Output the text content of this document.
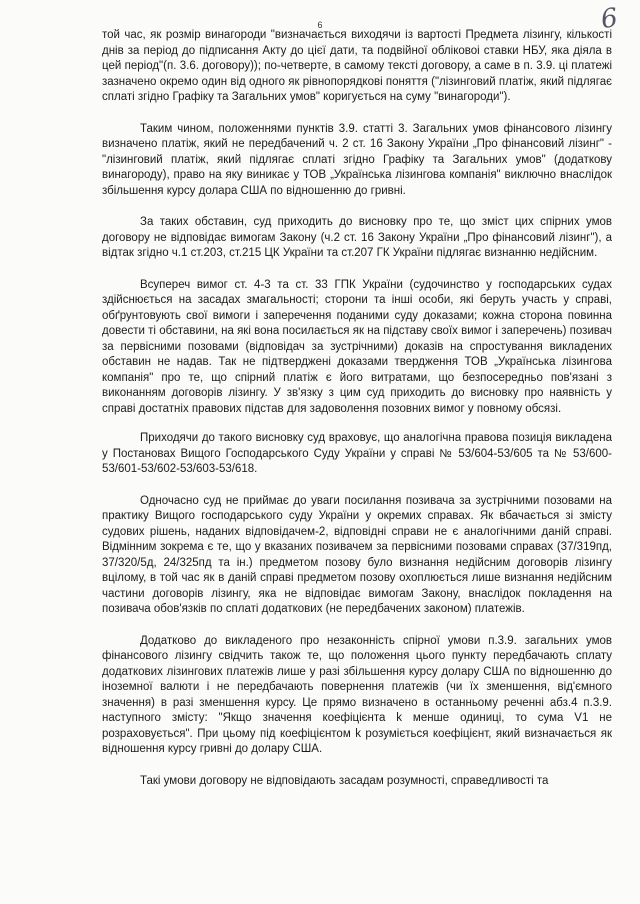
6	6

той час, як розмір винагороди "визначається виходячи із вартості Предмета лізингу, кількості днів за період до підписання Акту до цієї дати, та подвійної обліковоі ставки НБУ, яка діяла в цей період"(п. 3.6. договору)); по-четверте, в самому тексті договору, а саме в п. 3.9. ці платежі зазначено окремо один від одного як рівнопорядкові поняття ("лізинговий платіж, який підлягає сплаті згідно Графіку та Загальних умов" коригується на суму "винагороди").

Таким чином, положеннями пунктів 3.9. статті 3. Загальних умов фінансового лізингу визначено платіж, який не передбачений ч. 2 ст. 16 Закону України „Про фінансовий лізинг" - "лізинговий платіж, який підлягає сплаті згідно Графіку та Загальних умов" (додаткову винагороду), право на яку виникає у ТОВ „Українська лізингова компанія" виключно внаслідок збільшення курсу долара США по відношенню до гривні.

За таких обставин, суд приходить до висновку про те, що зміст цих спірних умов договору не відповідає вимогам Закону (ч.2 ст. 16 Закону України „Про фінансовий лізинг"), а відтак згідно ч.1 ст.203, ст.215 ЦК України та ст.207 ГК України підлягає визнанню недійсним.

Всупереч вимог ст. 4-3 та ст. 33 ГПК України (судочинство у господарських судах здійснюється на засадах змагальності; сторони та інші особи, які беруть участь у справі, обґрунтовують свої вимоги і заперечення поданими суду доказами; кожна сторона повинна довести ті обставини, на які вона посилається як на підставу своїх вимог і заперечень) позивач за первісними позовами (відповідач за зустрічними) доказів на спростування викладених обставин не надав. Так не підтверджені доказами твердження ТОВ „Українська лізингова компанія" про те, що спірний платіж є його витратами, що безпосередньо пов'язані з виконанням договорів лізингу. У зв'язку з цим суд приходить до висновку про наявність у справі достатніх правових підстав для задоволення позовних вимог у повному обсязі.

Приходячи до такого висновку суд враховує, що аналогічна правова позиція викладена у Постановах Вищого Господарського Суду України у справі № 53/604-53/605 та № 53/600-53/601-53/602-53/603-53/618.

Одночасно суд не приймає до уваги посилання позивача за зустрічними позовами на практику Вищого господарського суду України у окремих справах. Як вбачається зі змісту судових рішень, наданих відповідачем-2, відповідні справи не є аналогічними даній справі. Відмінним зокрема є те, що у вказаних позивачем за первісними позовами справах (37/319пд, 37/320/5д, 24/325пд та ін.) предметом позову було визнання недійсним договорів лізингу вцілому, в той час як в даній справі предметом позову охоплюється лише визнання недійсним частини договорів лізингу, яка не відповідає вимогам Закону, внаслідок покладення на позивача обов'язків по сплаті додаткових (не передбачених законом) платежів.

Додатково до викладеного про незаконність спірної умови п.3.9. загальних умов фінансового лізингу свідчить також те, що положення цього пункту передбачають сплату додаткових лізингових платежів лише у разі збільшення курсу долару США по відношенню до іноземної валюти і не передбачають повернення платежів (чи їх зменшення, від'ємного значення) в разі зменшення курсу. Це прямо визначено в останньому реченні абз.4 п.3.9. наступного змісту: "Якщо значення коефіцієнта k менше одиниці, то сума V1 не розраховується". При цьому під коефіцієнтом k розуміється коефіцієнт, який визначається як відношення курсу гривні до долару США.

Такі умови договору не відповідають засадам розумності, справедливості та
